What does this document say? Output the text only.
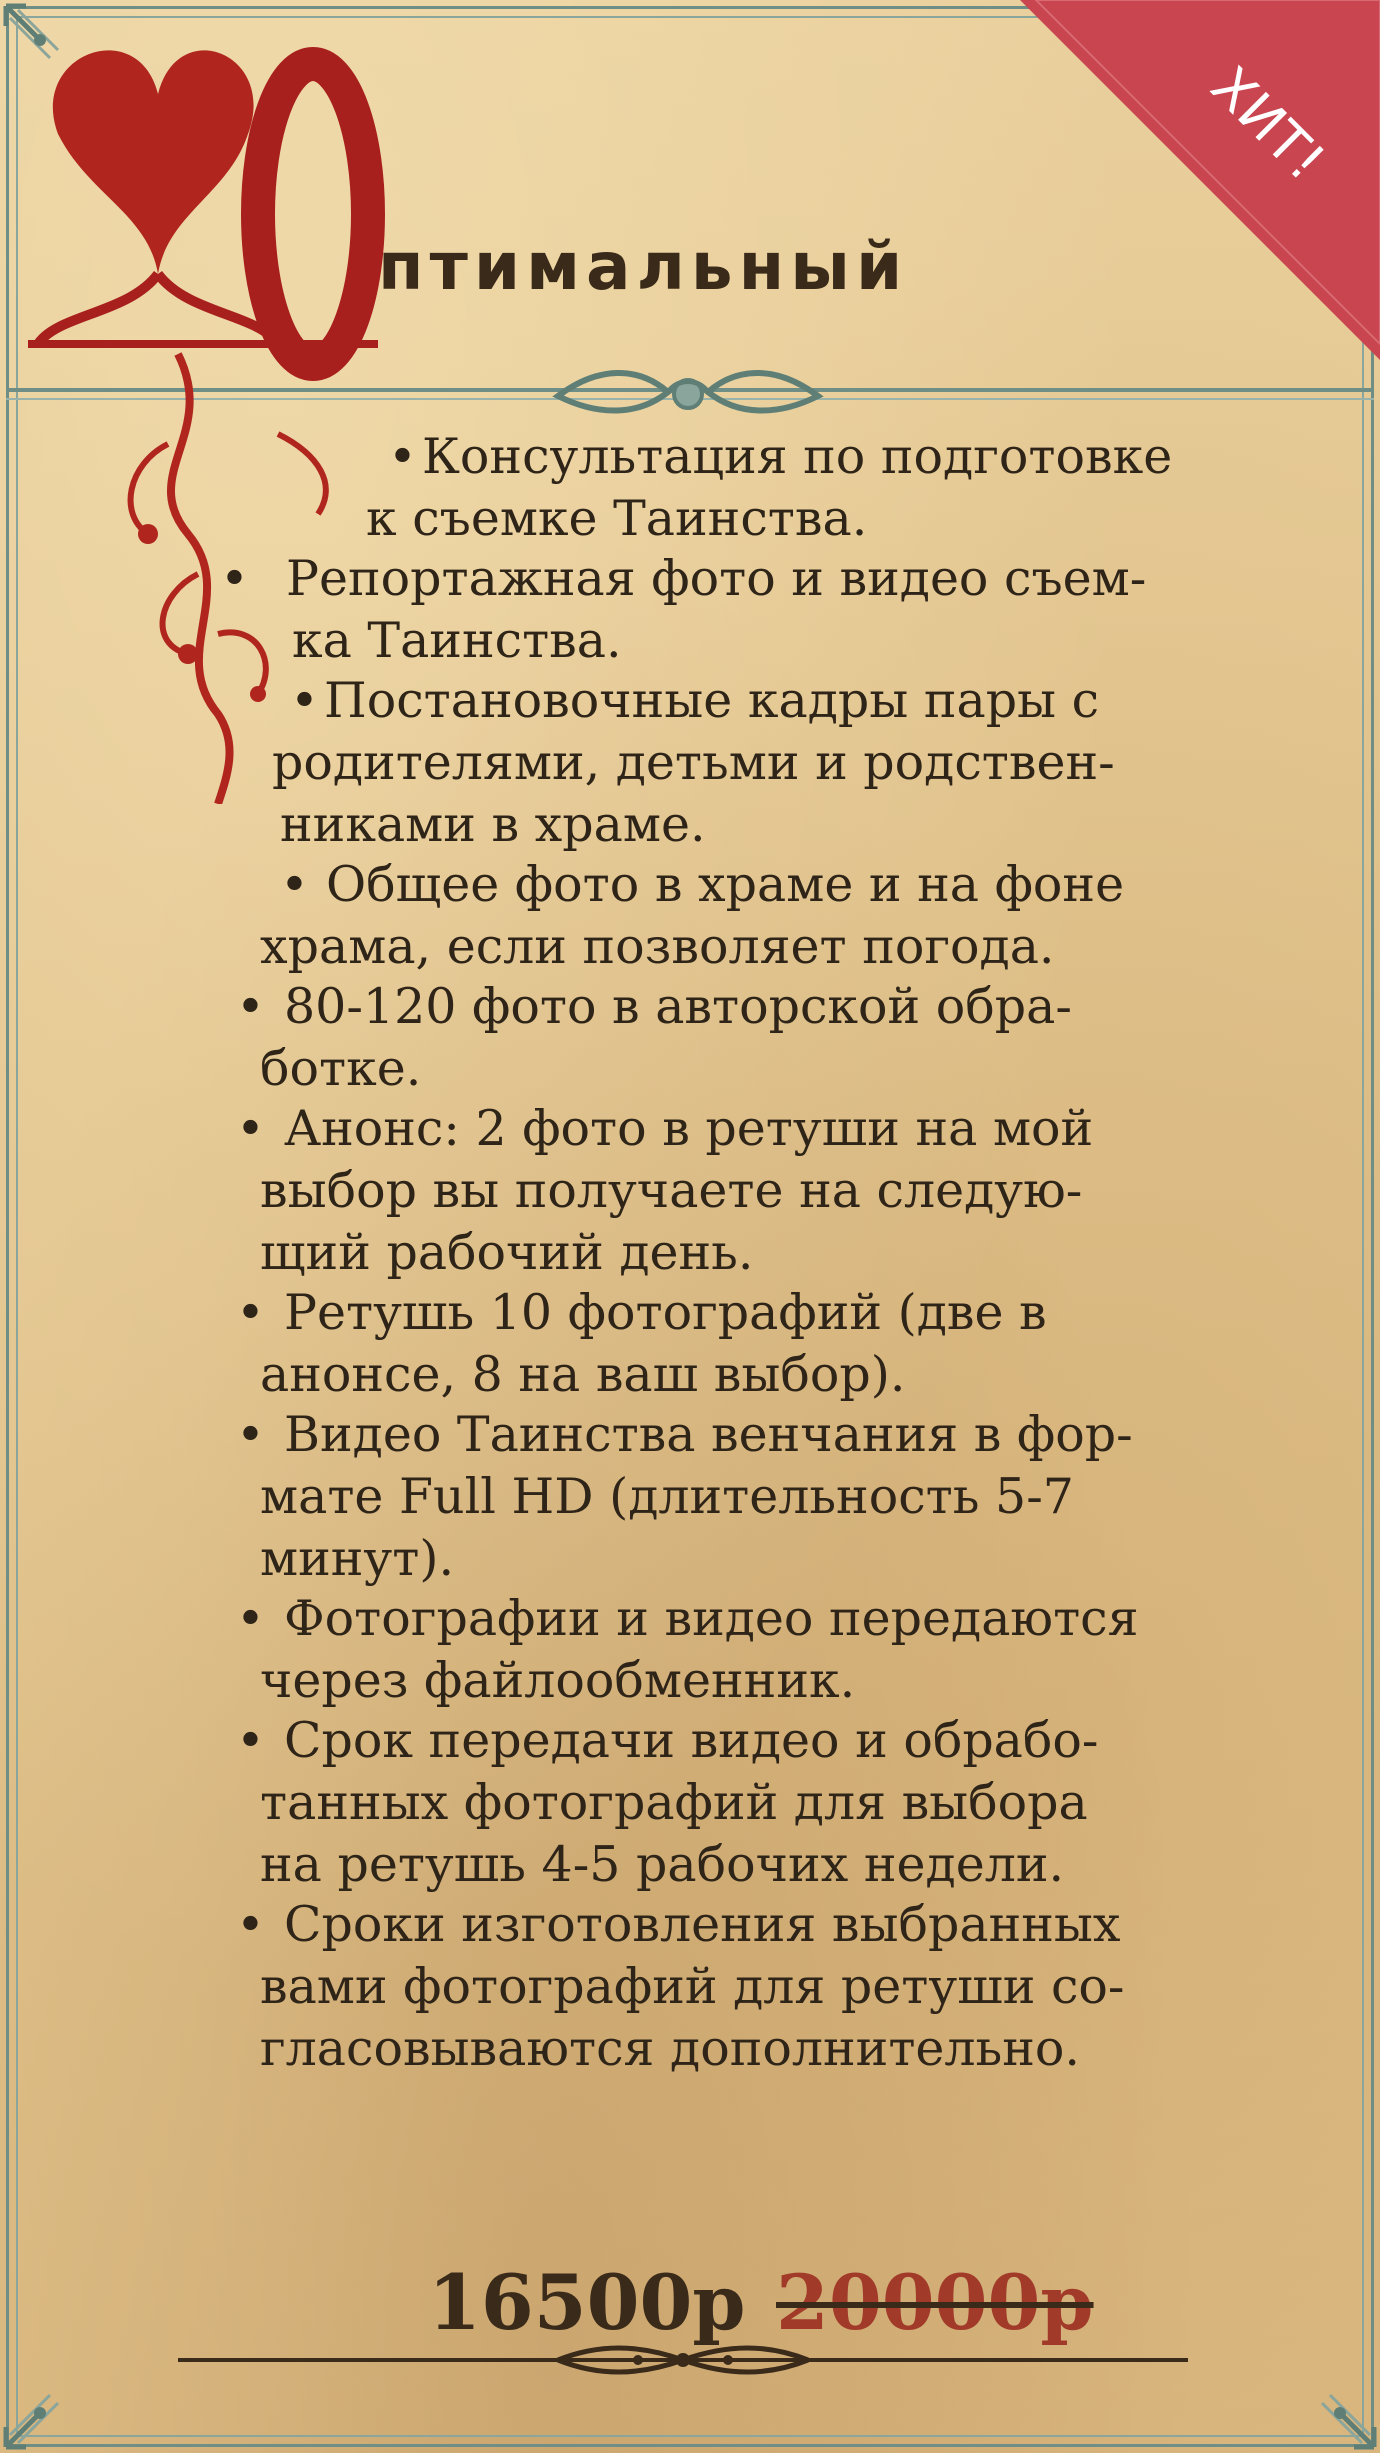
ХИТ!
птимальный
• Консультация по подготовке
к съемке Таинства.
• Репортажная фото и видео съем-
ка Таинства.
• Постановочные кадры пары с
родителями, детьми и родствен-
никами в храме.
• Общее фото в храме и на фоне
храма, если позволяет погода.
• 80-120 фото в авторской обра-
ботке.
• Анонс: 2 фото в ретуши на мой
выбор вы получаете на следую-
щий рабочий день.
• Ретушь 10 фотографий (две в
анонсе, 8 на ваш выбор).
• Видео Таинства венчания в фор-
мате Full HD (длительность 5-7
минут).
• Фотографии и видео передаются
через файлообменник.
• Срок передачи видео и обрабо-
танных фотографий для выбора
на ретушь 4-5 рабочих недели.
• Сроки изготовления выбранных
вами фотографий для ретуши со-
гласовываются дополнительно.
16500р 20000р
